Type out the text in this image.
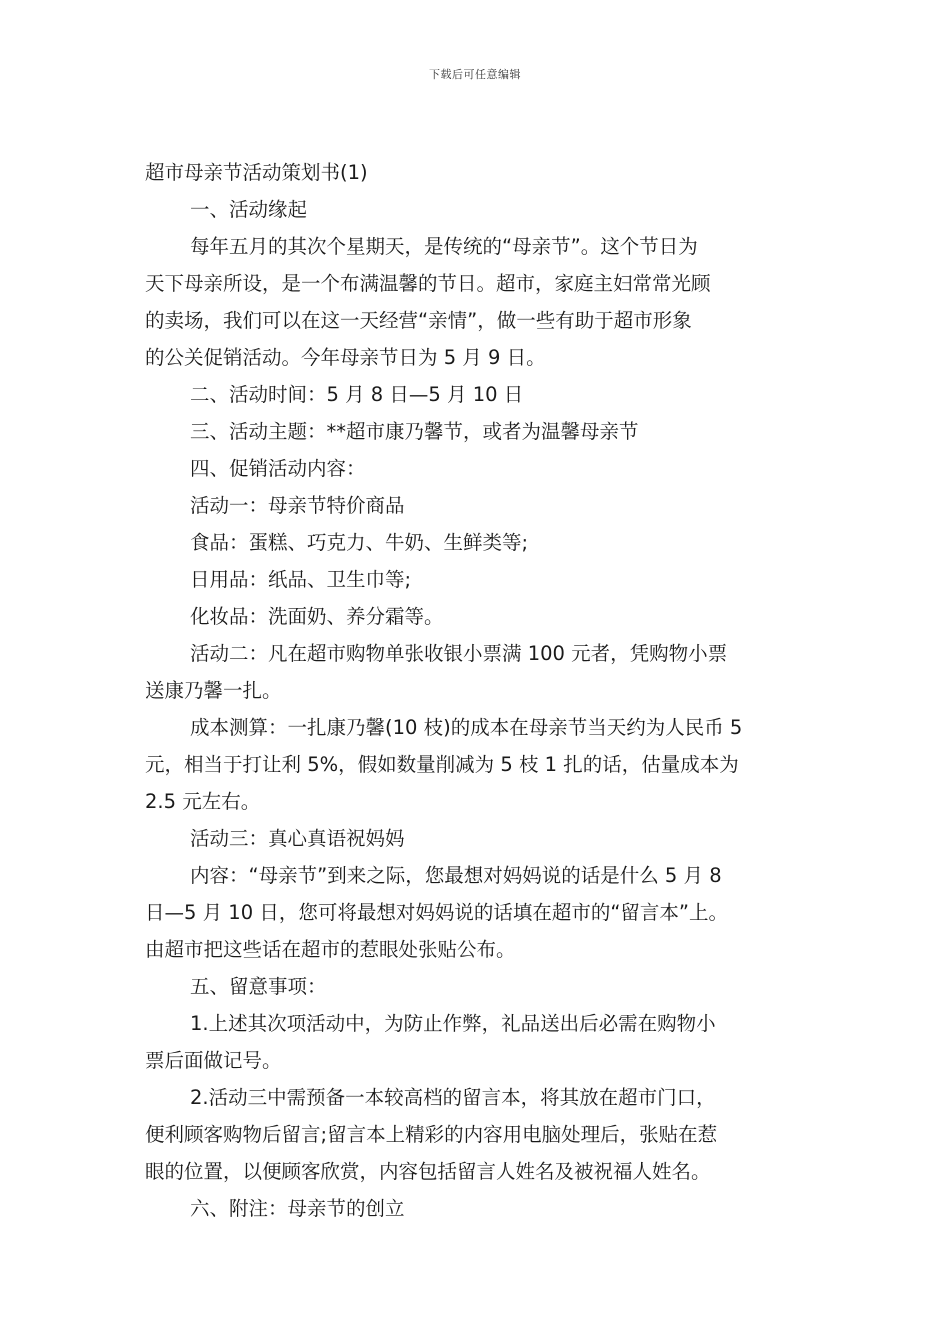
下载后可任意编辑
超市母亲节活动策划书(1)
一、活动缘起
每年五月的其次个星期天，是传统的“母亲节”。这个节日为
天下母亲所设，是一个布满温馨的节日。超市，家庭主妇常常光顾
的卖场，我们可以在这一天经营“亲情”，做一些有助于超市形象
的公关促销活动。今年母亲节日为 5 月 9 日。
二、活动时间：5 月 8 日—5 月 10 日
三、活动主题：**超市康乃馨节，或者为温馨母亲节
四、促销活动内容：
活动一：母亲节特价商品
食品：蛋糕、巧克力、牛奶、生鲜类等;
日用品：纸品、卫生巾等;
化妆品：洗面奶、养分霜等。
活动二：凡在超市购物单张收银小票满 100 元者，凭购物小票
送康乃馨一扎。
成本测算：一扎康乃馨(10 枝)的成本在母亲节当天约为人民币 5
元，相当于打让利 5%，假如数量削减为 5 枝 1 扎的话，估量成本为
2.5 元左右。
活动三：真心真语祝妈妈
内容：“母亲节”到来之际，您最想对妈妈说的话是什么 5 月 8
日—5 月 10 日，您可将最想对妈妈说的话填在超市的“留言本”上。
由超市把这些话在超市的惹眼处张贴公布。
五、留意事项：
1.上述其次项活动中，为防止作弊，礼品送出后必需在购物小
票后面做记号。
2.活动三中需预备一本较高档的留言本，将其放在超市门口，
便利顾客购物后留言;留言本上精彩的内容用电脑处理后，张贴在惹
眼的位置，以便顾客欣赏，内容包括留言人姓名及被祝福人姓名。
六、附注：母亲节的创立
